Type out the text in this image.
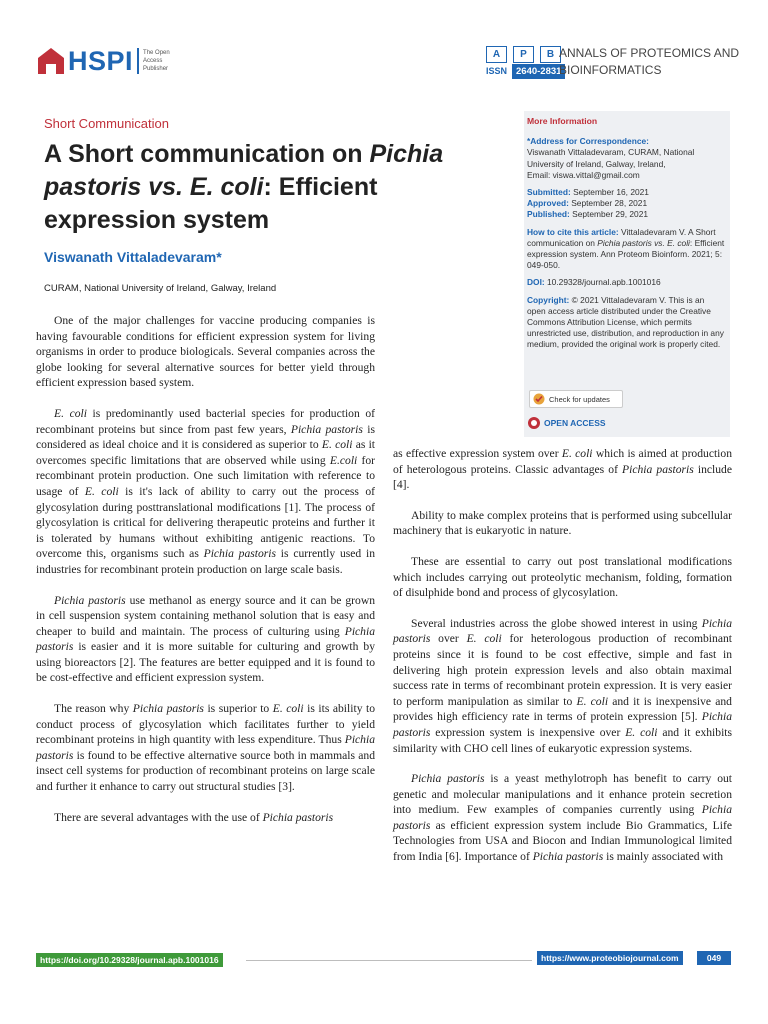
HSPI The Open Access
Publisher
A	P	B
ISSN 2640-2831
ANNALS OF PROTEOMICS AND
BIOINFORMATICS
Short Communication
A Short communication on Pichia pastoris vs. E. coli: Efficient expression system
Viswanath Vittaladevaram*
CURAM, National University of Ireland, Galway, Ireland

More Information

*Address for Correspondence:
Viswanath Vittaladevaram, CURAM, National University of Ireland, Galway, Ireland,
Email: viswa.vittal@gmail.com

Submitted: September 16, 2021
Approved: September 28, 2021
Published: September 29, 2021

How to cite this article: Vittaladevaram V. A Short communication on Pichia pastoris vs. E. coli: Efficient expression system. Ann Proteom Bioinform. 2021; 5: 049-050.

DOI: 10.29328/journal.apb.1001016

Copyright: © 2021 Vittaladevaram V. This is an open access article distributed under the Creative Commons Attribution License, which permits unrestricted use, distribution, and reproduction in any medium, provided the original work is properly cited.

Check for updates
OPEN ACCESS

One of the major challenges for vaccine producing companies is having favourable conditions for efficient expression system for living organisms in order to produce biologicals. Several companies across the globe looking for several alternative sources for better yield through efficient expression based system.

E. coli is predominantly used bacterial species for production of recombinant proteins but since from past few years, Pichia pastoris is considered as ideal choice and it is considered as superior to E. coli as it overcomes specific limitations that are observed while using E.coli for recombinant protein production. One such limitation with reference to usage of E. coli is it's lack of ability to carry out the process of glycosylation during posttranslational modifications [1]. The process of glycosylation is critical for delivering therapeutic proteins and further it is tolerated by humans without exhibiting antigenic reactions. To overcome this, organisms such as Pichia pastoris is currently used in industries for recombinant protein production on large scale basis.

Pichia pastoris use methanol as energy source and it can be grown in cell suspension system containing methanol solution that is easy and cheaper to build and maintain. The process of culturing using Pichia pastoris is easier and it is more suitable for culturing and growth by using bioreactors [2]. The features are better equipped and it is found to be cost-effective and efficient expression system.

The reason why Pichia pastoris is superior to E. coli is its ability to conduct process of glycosylation which facilitates further to yield recombinant proteins in high quantity with less expenditure. Thus Pichia pastoris is found to be effective alternative source both in mammals and insect cell systems for production of recombinant proteins on large scale and further it enhance to carry out structural studies [3].

There are several advantages with the use of Pichia pastoris

as effective expression system over E. coli which is aimed at production of heterologous proteins. Classic advantages of Pichia pastoris include [4].

Ability to make complex proteins that is performed using subcellular machinery that is eukaryotic in nature.

These are essential to carry out post translational modifications which includes carrying out proteolytic mechanism, folding, formation of disulphide bond and process of glycosylation.

Several industries across the globe showed interest in using Pichia pastoris over E. coli for heterologous production of recombinant proteins since it is found to be cost effective, simple and fast in delivering high protein expression levels and also obtain maximal success rate in terms of recombinant protein expression. It is very easier to perform manipulation as similar to E. coli and it is inexpensive and provides high efficiency rate in terms of protein expression [5]. Pichia pastoris expression system is inexpensive over E. coli and it exhibits similarity with CHO cell lines of eukaryotic expression systems.

Pichia pastoris is a yeast methylotroph has benefit to carry out genetic and molecular manipulations and it enhance protein secretion into medium. Few examples of companies currently using Pichia pastoris as efficient expression system include Bio Grammatics, Life Technologies from USA and Biocon and Indian Immunological limited from India [6]. Importance of Pichia pastoris is mainly associated with

https://doi.org/10.29328/journal.apb.1001016	https://www.proteobiojournal.com	049
